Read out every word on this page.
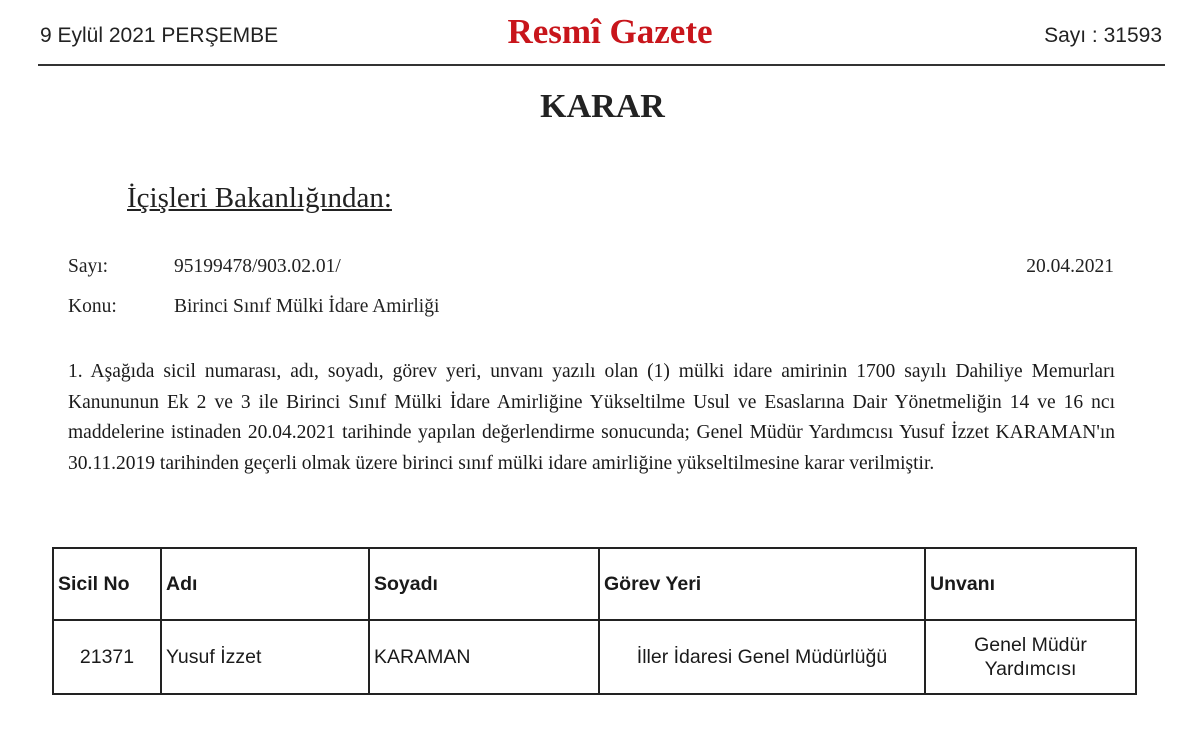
9 Eylül 2021 PERŞEMBE	Resmî Gazete	Sayı : 31593
KARAR
İçişleri Bakanlığından:
Sayı:	95199478/903.02.01/	20.04.2021
Konu:	Birinci Sınıf Mülki İdare Amirliği
1. Aşağıda sicil numarası, adı, soyadı, görev yeri, unvanı yazılı olan (1) mülki idare amirinin 1700 sayılı Dahiliye Memurları Kanununun Ek 2 ve 3 ile Birinci Sınıf Mülki İdare Amirliğine Yükseltilme Usul ve Esaslarına Dair Yönetmeliğin 14 ve 16 ncı maddelerine istinaden 20.04.2021 tarihinde yapılan değerlendirme sonucunda; Genel Müdür Yardımcısı Yusuf İzzet KARAMAN'ın 30.11.2019 tarihinden geçerli olmak üzere birinci sınıf mülki idare amirliğine yükseltilmesine karar verilmiştir.
Sicil No	Adı	Soyadı	Görev Yeri	Unvanı
21371	Yusuf İzzet	KARAMAN	İller İdaresi Genel Müdürlüğü	Genel Müdür
Yardımcısı
